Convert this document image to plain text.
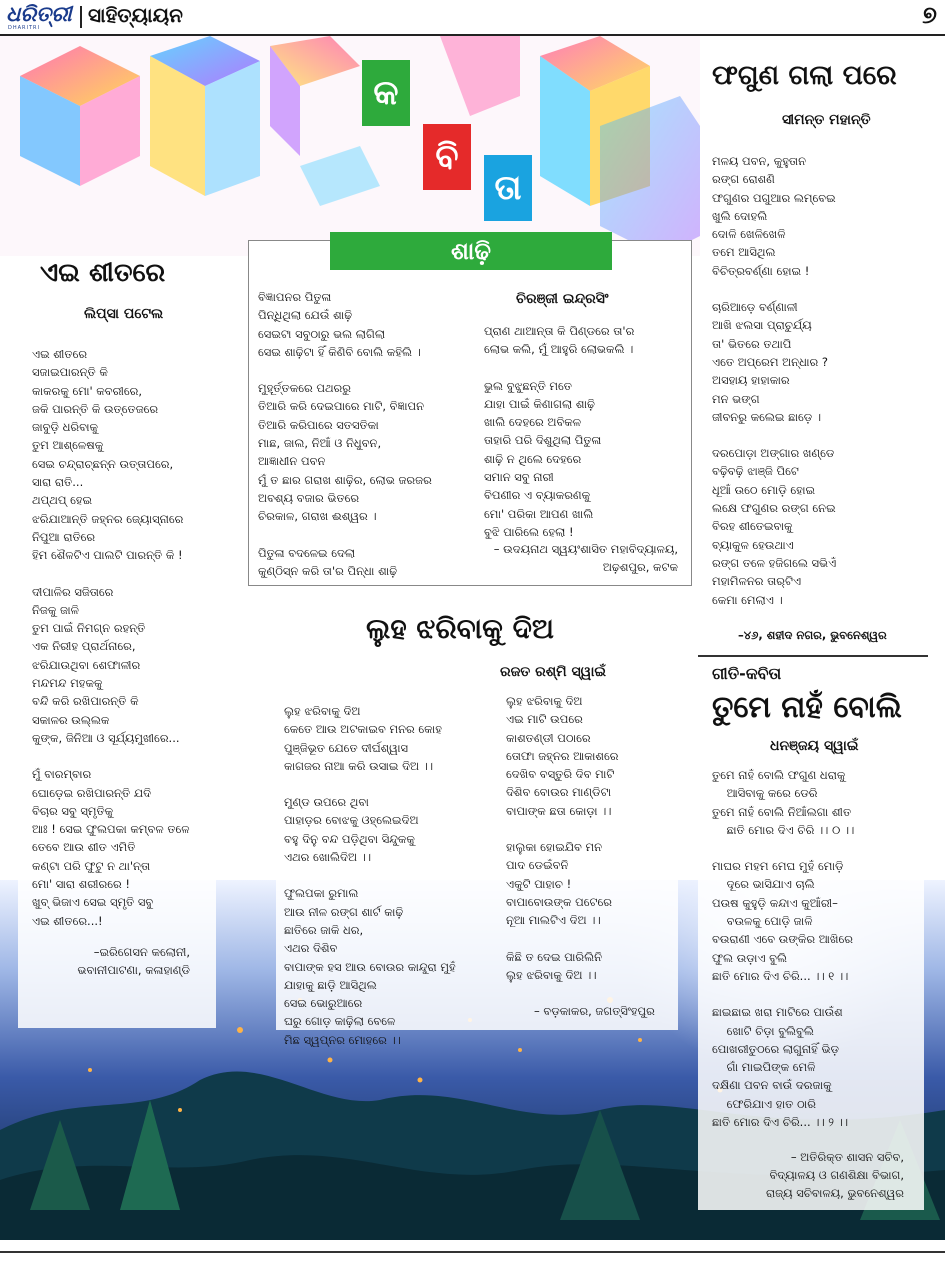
ଧରିତ୍ରୀ
DHARITRI
ସାହିତ୍ୟାୟନ	୭
କ
ବି
ତା
ଫଗୁଣ ଗଲା ପରେ
ସୀମନ୍ତ ମହାନ୍ତି

ମଳୟ ପବନ, କୁହୁତାନ

ରଙ୍ଗ ରୋଶଣି

ଫଗୁଣର ପଗୁଆର ଲମ୍ବେଇ

ଖୁଲି ଦୋହଲି

ଦୋଳି ଖେଳିଖେଳି

ତମେ ଆସିଥିଲ

ବିଚିତ୍ରବର୍ଣ୍ଣା ହୋଇ !

ଚାରିଆଡ଼େ ବର୍ଣ୍ଣାଳୀ

ଆଖି ଝଲସା ପ୍ରାଚୁର୍ଯ୍ୟ

ତା' ଭିତରେ ତଥାପି

ଏତେ ଅପ୍ରେମ ଅନ୍ଧାର ?

ଅସହାୟ ହାହାକାର

ମନ ଭଙ୍ଗ

ଜୀବନରୁ କଲେଇ ଛାଡ଼େ ।

ଦରପୋଡ଼ା ଅଙ୍ଗାର ଖଣ୍ଡେ

ବଢ଼ିବଢ଼ି ଝାଞ୍ଜି ପିଟେ

ଧୂଆଁ ଉଠେ ମୋଡ଼ି ହୋଇ

ଲକ୍ଷେ ଫଗୁଣର ରଙ୍ଗ ନେଇ

ବିରହ ଶୀତେଇବାକୁ

ବ୍ୟାକୁଳ ହେଉଥାଏ

ରଙ୍ଗ ତଳେ ହଜିଗଲେ ସଭିଏଁ

ମହାମିଳନର ତାର୍‌ଟିଏ

କେମା ମେଲାଏ ।

–୪୬, ଶହୀଦ ନଗର, ଭୁବନେଶ୍ୱର
ଗୀତି-କବିତା
ତୁମେ ନାହଁ ବୋଲି
ଧନଞ୍ଜୟ ସ୍ୱାଇଁ

ତୁମେ ନାହଁ ବୋଲି ଫଗୁଣ ଧରାକୁ

ଆସିବାକୁ କରେ ଡେରି

ତୁମେ ନାହଁ ବୋଲି ନିଆଁଲଗା ଶୀତ

ଛାତି ମୋର ଦିଏ ଚିରି ।। ୦ ।।

ମାଘର ମହମ ମେଘ ମୁହଁ ମୋଡ଼ି

ଦୂରେ ଭାସିଯାଏ ଚାଲି

ପଉଷ କୁହୁଡ଼ି କନ୍ଦାଏ କୁଆଁରୀ–

ବଉଳକୁ ପୋଡ଼ି ଜାଳି

ବଉରାଣୀ ଏବେ ଉଙ୍କିର ଆଖିରେ

ଫୁଲ ଉଡ଼ାଏ ବୁଲି

ଛାତି ମୋର ଦିଏ ଚିରି... ।। ୧ ।।

ଛାଇଛାଇ ଖରା ମାଟିରେ ପାଉଁଶ

ଖୋଟି ଚିଡ଼ା ବୁଲିବୁଲି

ପୋଖରୀତୁଠରେ ଲାଗୁନାହିଁ ଭିଡ଼

ଗାଁ ମାଇପିଙ୍କ ମେଳି

ଦକ୍ଷିଣା ପବନ ବାଉଁ ଦରଜାକୁ

ଫେରିଯାଏ ହାତ ଠାରି

ଛାତି ମୋର ଦିଏ ଚିରି... ।। ୨ ।।

– ଅତିରିକ୍ତ ଶାସନ ସଚିବ,
ବିଦ୍ୟାଳୟ ଓ ଗଣଶିକ୍ଷା ବିଭାଗ,
ରାଜ୍ୟ ସଚିବାଳୟ, ଭୁବନେଶ୍ୱର
ଏଇ ଶୀତରେ
ଲିପ୍‌ସା ପଟେଲ

ଏଇ ଶୀତରେ

ସଜାଇପାରନ୍ତି କି

କାକରକୁ ମୋ' କବରୀରେ,

ଜକି ପାରନ୍ତି କି ଉତ୍ତେଜରେ

ଜାବୁଡ଼ି ଧରିବାକୁ

ତୁମ ଆଶ୍ଳେଷକୁ

ସେଇ ଚନ୍ଦ୍ରାଚ୍ଛନ୍ନ ଉତ୍ତାପରେ,

ସାରା ରାତି...

ଥପ୍‌ଥପ୍ ହେଇ

ଝରିଯାଆନ୍ତି ଜହ୍ନର ଜ୍ୟୋସ୍ନାରେ

ନିପୁଆ ରାତିରେ

ହିମ ଶୈଳଟିଏ ପାଲଟି ପାରନ୍ତି କି !

ଦୀପାଳିର ସଜିତାରେ

ନିଜକୁ ଜାଳି

ତୁମ ପାଇଁ ନିମଗ୍ନ ରହନ୍ତି

ଏକ ନିରୀହ ପ୍ରାର୍ଥନାରେ,

ଝରିଯାଉଥିବା ଶେଫାଳୀର

ମନ୍ଦମନ୍ଦ ମହକକୁ

ବନ୍ଦି କରି ରଖିପାରନ୍ତି କି

ସକାଳର ଉଲ୍ଲକ

କୁଙ୍କ, ଜିନିଆ ଓ ସୂର୍ଯ୍ୟମୁଖୀରେ...

ମୁଁ ବାରମ୍ବାର

ଘୋଡ଼େଇ ରଖିପାରନ୍ତି ଯଦି

ବିଚାର ସବୁ ସ୍ମୃତିକୁ

ଆଃ ! ସେଇ ଫୁଲପକା କମ୍ବଳ ତଳେ

ତେବେ ଆଉ ଶୀତ ଏମିତି

କଣ୍ଟା ପରି ଫୁଟୁ ନ ଥା'ନ୍ତା

ମୋ' ସାରା ଶରୀରରେ !

ଖୁବ୍ ଭିଜାଏ ସେଇ ସ୍ମୃତି ସବୁ

ଏଇ ଶୀତରେ...!

–ଇରିଗେସନ କଲୋନୀ,
ଭବାନୀପାଟଣା, କଳାହାଣ୍ଡି
ଶାଢ଼ି
ଚିରଞ୍ଜୀ ଇନ୍ଦ୍ରସିଂ

ବିଜ୍ଞାପନର ପିତୁଳା

ପିନ୍ଧିଥିଲା ଯେଉଁ ଶାଢ଼ି

ସେଇଟା ସବୁଠାରୁ ଭଲ ଲାଗିଲା

ସେଇ ଶାଢ଼ିଟା ହିଁ କିଣିବି ବୋଲି କହିଲି ।

ମୁହୂର୍ତ୍ତକରେ ପଥରରୁ

ତିଆରି କରି ଦେଇପାରେ ମାଟି, ବିଜ୍ଞାପନ

ତିଆରି କରିପାରେ ସତସତିକା

ମାଛ, ଜାଲ, ନିଆଁ ଓ ନିଧୁବନ,

ଆଜ୍ଞାଧୀନ ପବନ

ମୁଁ ତ ଛାର ଗରାଖ ଶାଢ଼ିର, ଲୋଭ ଜରଜର

ଅବଶ୍ୟ ବଜାର ଭିତରେ

ଚିରକାଳ, ଗରାଖ ଈଶ୍ୱର ।

ପିତୁଳା ବଦଳେଇ ଦେଲା

କୁଣ୍ଠିସ୍ନ କରି ତା'ର ପିନ୍ଧା ଶାଢ଼ି

ପ୍ରାଣ ଥାଆନ୍ତା କି ପିଣ୍ଡରେ ତା'ର

ଲୋଭ କଲି, ମୁଁ ଆହୁରି ଲୋଭକଲି ।

ଭୁଲ ବୁଝୁଛନ୍ତି ମତେ

ଯାହା ପାଇଁ କିଣାଗଲା ଶାଢ଼ି

ଖାଲି ଦେହରେ ଅବିକଳ

ତାହାରି ପରି ଦିଶୁଥିଲା ପିତୁଳା

ଶାଢ଼ି ନ ଥିଲେ ଦେହରେ

ସମାନ ସବୁ ନାରୀ

ବିପଣୀର ଏ ବ୍ୟାକରଣକୁ

ମୋ' ପରିକା ଆପଣ ଖାଲି

ବୁଝି ପାରିଲେ ହେଲା !

– ଉଦୟନାଥ ସ୍ୱୟଂଶାସିତ ମହାବିଦ୍ୟାଳୟ,
ଅଢ଼ଶପୁର, କଟକ
ଲୁହ ଝରିବାକୁ ଦିଅ
ରଜତ ରଶ୍ମି ସ୍ୱାଇଁ

ଲୁହ ଝରିବାକୁ ଦିଅ

କେତେ ଆଉ ଅଟକାଇବ ମନର କୋହ

ପୁଞ୍ଜିଭୂତ ଯେତେ ଦୀର୍ଘଶ୍ୱାସ

କାଗଜର ନାଆ କରି ଉସାଇ ଦିଅ ।।

ମୁଣ୍ଡ ଉପରେ ଥିବା

ପାହାଡ଼ର ବୋଝକୁ ଓହ୍ଲେଇଦିଅ

ବହୁ ଦିନୁ ବନ୍ଦ ପଡ଼ିଥିବା ସିନ୍ଦୁକକୁ

ଏଥର ଖୋଲିଦିଅ ।।

ଫୁଲପକା ରୁମାଲ

ଆଉ ନୀଳ ରଙ୍ଗ ଶାର୍ଟ କାଢ଼ି

ଛାତିରେ ଜାକି ଧର,

ଏଥର ଦିଶିବ

ବାପାଙ୍କ ହସ ଆଉ ବୋଉର କାନ୍ଦୁରା ମୁହଁ

ଯାହାକୁ ଛାଡ଼ି ଆସିଥିଲ

ସେଇ ଭୋରୁଆରେ

ଘରୁ ଗୋଡ଼ କାଢ଼ିଲା ବେଳେ

ମିଛ ସ୍ୱପ୍ନର ମୋହରେ ।।

ଲୁହ ଝରିବାକୁ ଦିଅ

ଏଇ ମାଟି ଉପରେ

କାଶତଣ୍ଡୀ ପଠାରେ

ତୋଫା ଜହ୍ନର ଆକାଶରେ

ଦେଖିବ ବସ୍ତୁରି ଦିବ ମାଟି

ଦିଶିବ ବୋଉର ମାଣ୍ଡିଟା

ବାପାଙ୍କ ଛତା କୋଡ଼ା ।।

ହାଲୁକା ହୋଇଯିବ ମନ

ପାଦ ଡେଇଁବନି

ଏକୁଟି ପାହାଚ !

ବାପାବୋଉଙ୍କ ପଟେରେ

ନୂଆ ମାଲଟିଏ ଦିଅ ।।

କିଛି ତ ଦେଇ ପାରିଲିନି

ଲୁହ ଝରିବାକୁ ଦିଅ ।।

– ବଡ଼କାକର, ଜଗତ୍‌ସିଂହପୁର
